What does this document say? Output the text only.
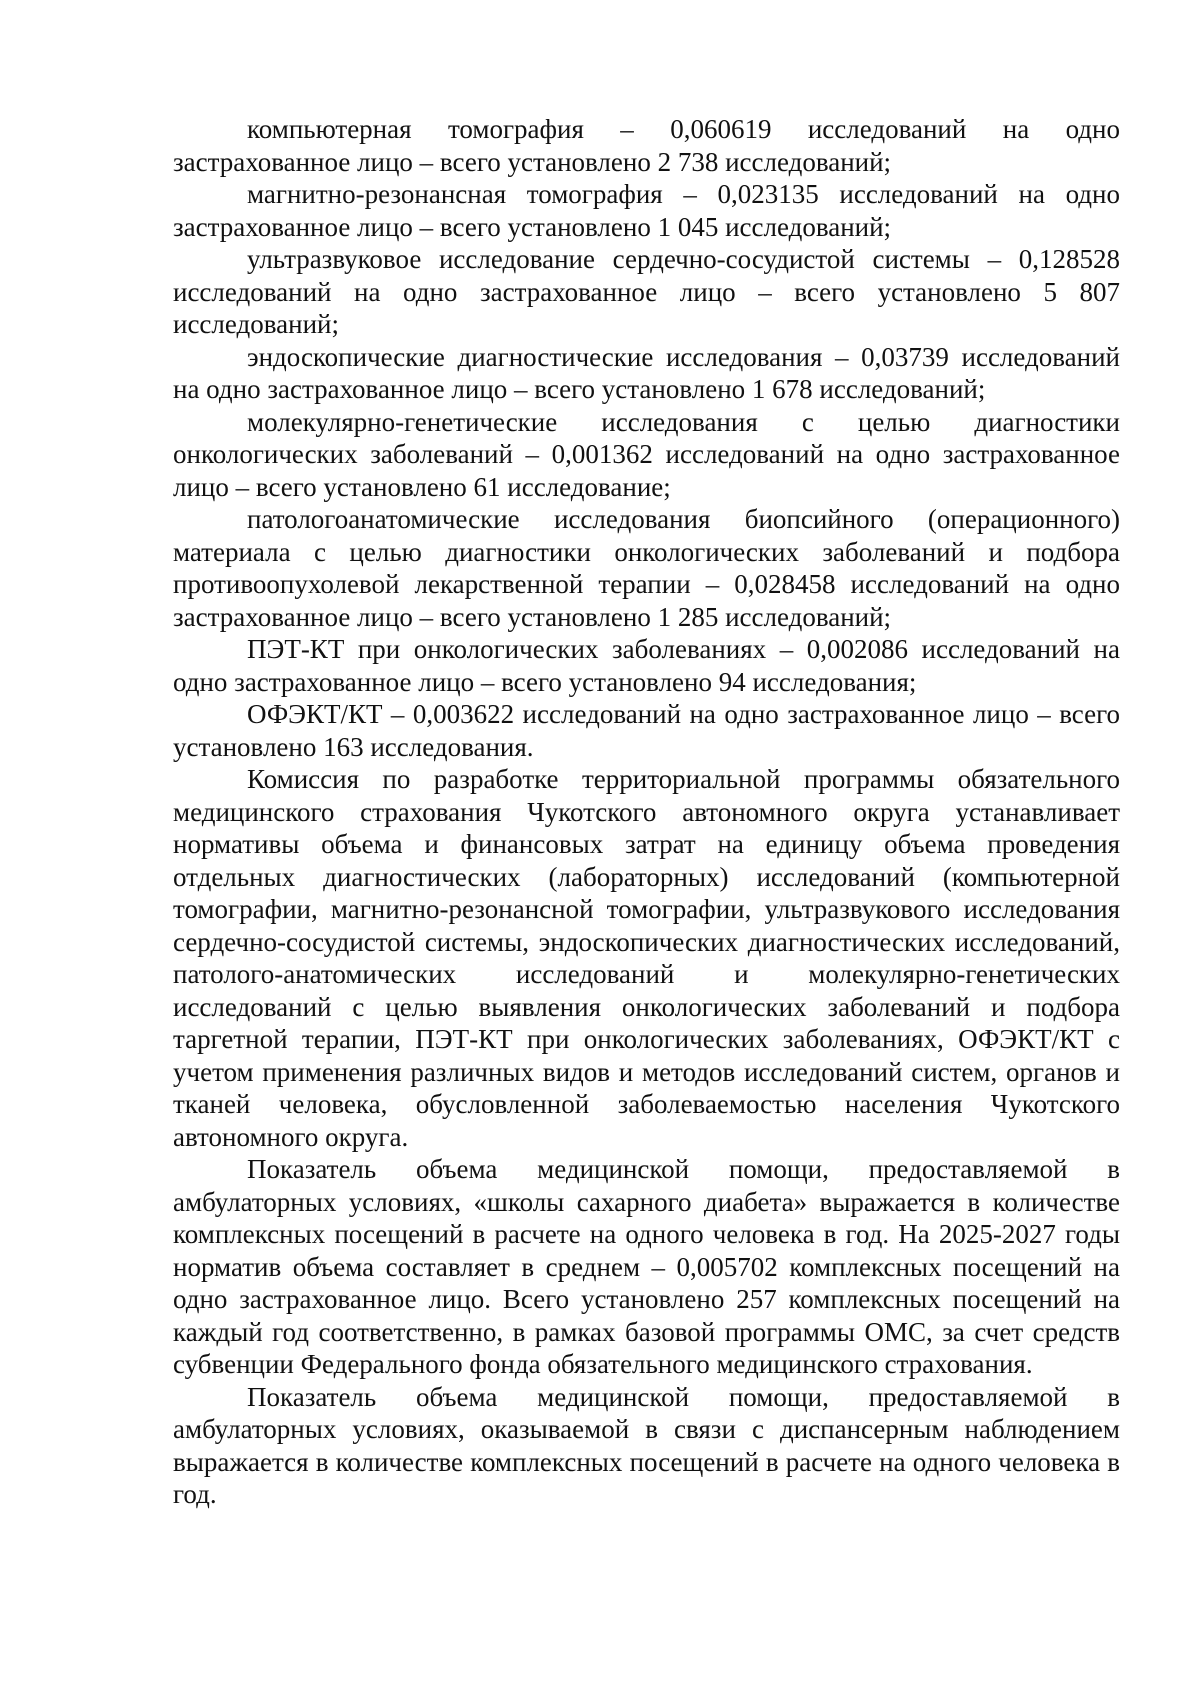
компьютерная томография – 0,060619 исследований на одно застрахованное лицо – всего установлено 2 738 исследований;

магнитно-резонансная томография – 0,023135 исследований на одно застрахованное лицо – всего установлено 1 045 исследований;

ультразвуковое исследование сердечно-сосудистой системы – 0,128528 исследований на одно застрахованное лицо – всего установлено 5 807 исследований;

эндоскопические диагностические исследования – 0,03739 исследований на одно застрахованное лицо – всего установлено 1 678 исследований;

молекулярно-генетические исследования с целью диагностики онкологических заболеваний – 0,001362 исследований на одно застрахованное лицо – всего установлено 61 исследование;

патологоанатомические исследования биопсийного (операционного) материала с целью диагностики онкологических заболеваний и подбора противоопухолевой лекарственной терапии – 0,028458 исследований на одно застрахованное лицо – всего установлено 1 285 исследований;

ПЭТ-КТ при онкологических заболеваниях – 0,002086 исследований на одно застрахованное лицо – всего установлено 94 исследования;

ОФЭКТ/КТ – 0,003622 исследований на одно застрахованное лицо – всего установлено 163 исследования.

Комиссия по разработке территориальной программы обязательного медицинского страхования Чукотского автономного округа устанавливает нормативы объема и финансовых затрат на единицу объема проведения отдельных диагностических (лабораторных) исследований (компьютерной томографии, магнитно-резонансной томографии, ультразвукового исследования сердечно-сосудистой системы, эндоскопических диагностических исследований, патолого-анатомических исследований и молекулярно-генетических исследований с целью выявления онкологических заболеваний и подбора таргетной терапии, ПЭТ-КТ при онкологических заболеваниях, ОФЭКТ/КТ с учетом применения различных видов и методов исследований систем, органов и тканей человека, обусловленной заболеваемостью населения Чукотского автономного округа.

Показатель объема медицинской помощи, предоставляемой в амбулаторных условиях, «школы сахарного диабета» выражается в количестве комплексных посещений в расчете на одного человека в год. На 2025-2027 годы норматив объема составляет в среднем – 0,005702 комплексных посещений на одно застрахованное лицо. Всего установлено 257 комплексных посещений на каждый год соответственно, в рамках базовой программы ОМС, за счет средств субвенции Федерального фонда обязательного медицинского страхования.

Показатель объема медицинской помощи, предоставляемой в амбулаторных условиях, оказываемой в связи с диспансерным наблюдением выражается в количестве комплексных посещений в расчете на одного человека в год.
